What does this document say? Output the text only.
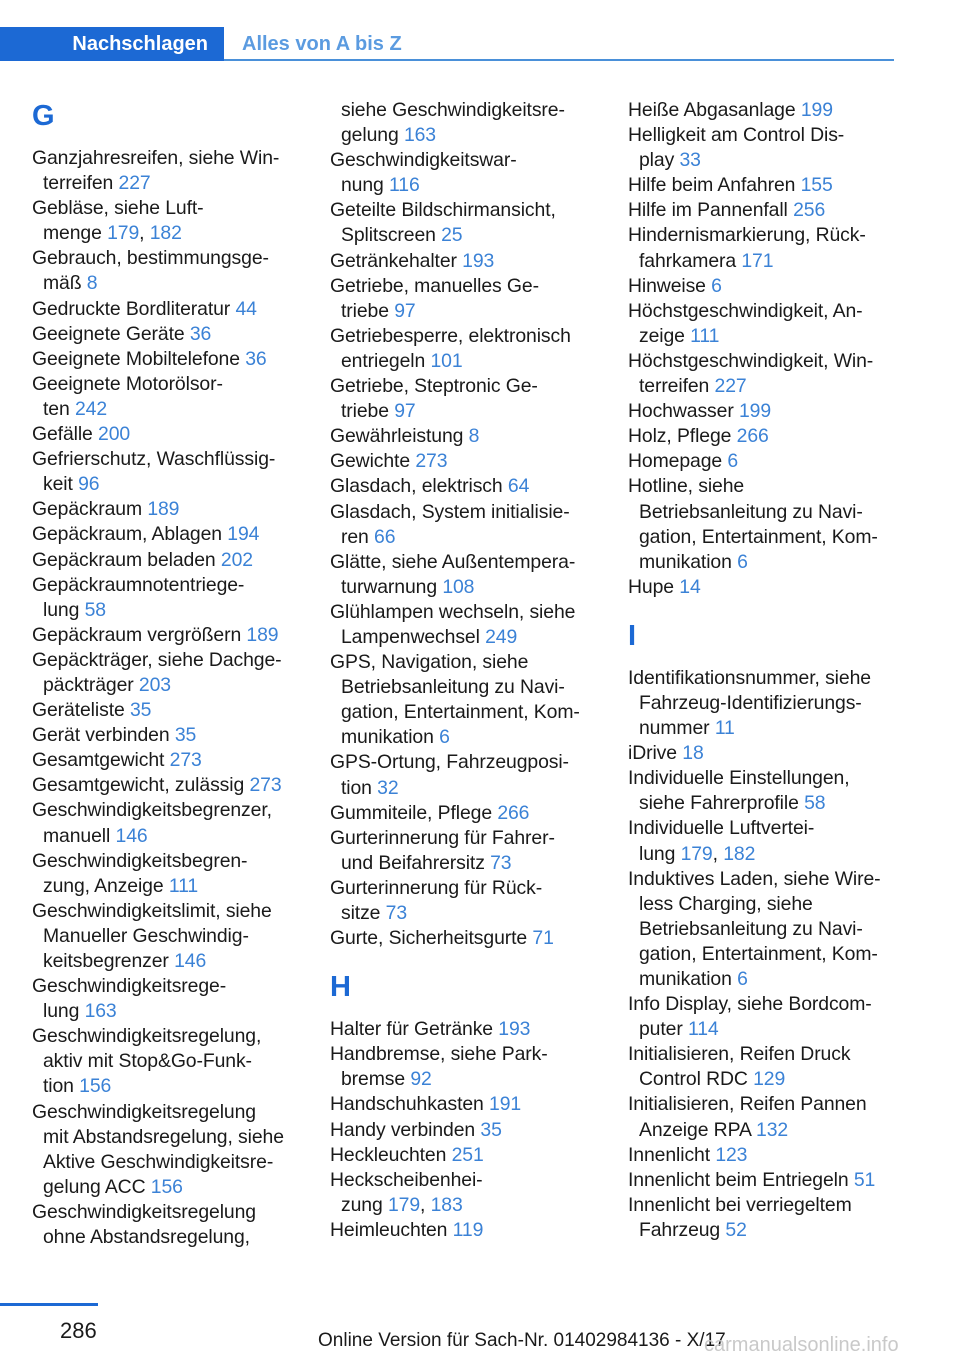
Nachschlagen	Alles von A bis Z
G
Ganzjahresreifen, siehe Win-
terreifen 227
Gebläse, siehe Luft-
menge 179, 182
Gebrauch, bestimmungsge-
mäß 8
Gedruckte Bordliteratur 44
Geeignete Geräte 36
Geeignete Mobiltelefone 36
Geeignete Motorölsor-
ten 242
Gefälle 200
Gefrierschutz, Waschflüssig-
keit 96
Gepäckraum 189
Gepäckraum, Ablagen 194
Gepäckraum beladen 202
Gepäckraumnotentriege-
lung 58
Gepäckraum vergrößern 189
Gepäckträger, siehe Dachge-
päckträger 203
Geräteliste 35
Gerät verbinden 35
Gesamtgewicht 273
Gesamtgewicht, zulässig 273
Geschwindigkeitsbegrenzer,
manuell 146
Geschwindigkeitsbegren-
zung, Anzeige 111
Geschwindigkeitslimit, siehe
Manueller Geschwindig-
keitsbegrenzer 146
Geschwindigkeitsrege-
lung 163
Geschwindigkeitsregelung,
aktiv mit Stop&Go-Funk-
tion 156
Geschwindigkeitsregelung
mit Abstandsregelung, siehe
Aktive Geschwindigkeitsre-
gelung ACC 156
Geschwindigkeitsregelung
ohne Abstandsregelung,
siehe Geschwindigkeitsre-
gelung 163
Geschwindigkeitswar-
nung 116
Geteilte Bildschirmansicht,
Splitscreen 25
Getränkehalter 193
Getriebe, manuelles Ge-
triebe 97
Getriebesperre, elektronisch
entriegeln 101
Getriebe, Steptronic Ge-
triebe 97
Gewährleistung 8
Gewichte 273
Glasdach, elektrisch 64
Glasdach, System initialisie-
ren 66
Glätte, siehe Außentempera-
turwarnung 108
Glühlampen wechseln, siehe
Lampenwechsel 249
GPS, Navigation, siehe
Betriebsanleitung zu Navi-
gation, Entertainment, Kom-
munikation 6
GPS-Ortung, Fahrzeugposi-
tion 32
Gummiteile, Pflege 266
Gurterinnerung für Fahrer-
und Beifahrersitz 73
Gurterinnerung für Rück-
sitze 73
Gurte, Sicherheitsgurte 71
H
Halter für Getränke 193
Handbremse, siehe Park-
bremse 92
Handschuhkasten 191
Handy verbinden 35
Heckleuchten 251
Heckscheibenhei-
zung 179, 183
Heimleuchten 119
Heiße Abgasanlage 199
Helligkeit am Control Dis-
play 33
Hilfe beim Anfahren 155
Hilfe im Pannenfall 256
Hindernismarkierung, Rück-
fahrkamera 171
Hinweise 6
Höchstgeschwindigkeit, An-
zeige 111
Höchstgeschwindigkeit, Win-
terreifen 227
Hochwasser 199
Holz, Pflege 266
Homepage 6
Hotline, siehe
Betriebsanleitung zu Navi-
gation, Entertainment, Kom-
munikation 6
Hupe 14
I
Identifikationsnummer, siehe
Fahrzeug-Identifizierungs-
nummer 11
iDrive 18
Individuelle Einstellungen,
siehe Fahrerprofile 58
Individuelle Luftvertei-
lung 179, 182
Induktives Laden, siehe Wire-
less Charging, siehe
Betriebsanleitung zu Navi-
gation, Entertainment, Kom-
munikation 6
Info Display, siehe Bordcom-
puter 114
Initialisieren, Reifen Druck
Control RDC 129
Initialisieren, Reifen Pannen
Anzeige RPA 132
Innenlicht 123
Innenlicht beim Entriegeln 51
Innenlicht bei verriegeltem
Fahrzeug 52
286	Online Version für Sach-Nr. 01402984136 - X/17
carmanualsonline.info
